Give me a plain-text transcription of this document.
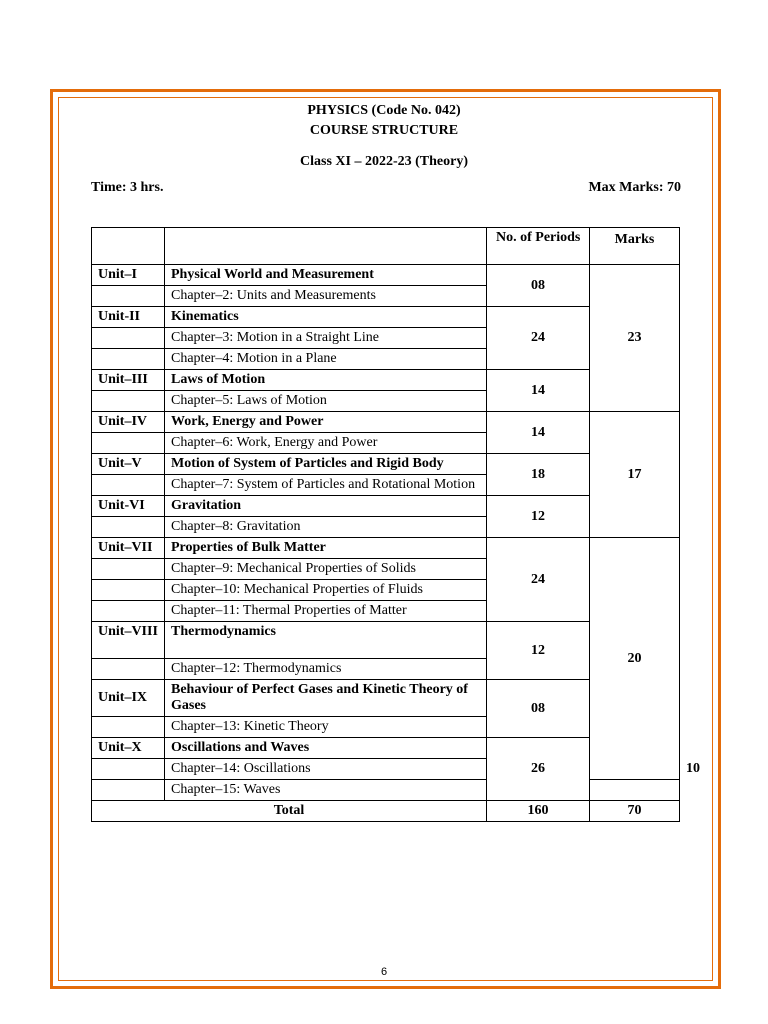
PHYSICS (Code No. 042)
COURSE STRUCTURE
Class XI – 2022-23 (Theory)
Time: 3 hrs.	Max Marks: 70
		No. of Periods	Marks	
Unit–I	Physical World and Measurement	08	23	
	Chapter–2: Units and Measurements			
Unit-II	Kinematics	24		
	Chapter–3: Motion in a Straight Line			
	Chapter–4: Motion in a Plane			
Unit–III	Laws of Motion	14		
	Chapter–5: Laws of Motion			
Unit–IV	Work, Energy and Power	14	17	
	Chapter–6: Work, Energy and Power			
Unit–V	Motion of System of Particles and Rigid Body	18		
	Chapter–7: System of Particles and Rotational Motion			
Unit-VI	Gravitation	12		
	Chapter–8: Gravitation			
Unit–VII	Properties of Bulk Matter	24	20	
	Chapter–9: Mechanical Properties of Solids			
	Chapter–10: Mechanical Properties of Fluids			
	Chapter–11: Thermal Properties of Matter			
Unit–VIII	Thermodynamics	12		
	Chapter–12: Thermodynamics			
Unit–IX	Behaviour of Perfect Gases and Kinetic Theory of Gases	08		
	Chapter–13: Kinetic Theory			
Unit–X	Oscillations and Waves	26		10
	Chapter–14: Oscillations			
	Chapter–15: Waves			
Total		160	70	
6
